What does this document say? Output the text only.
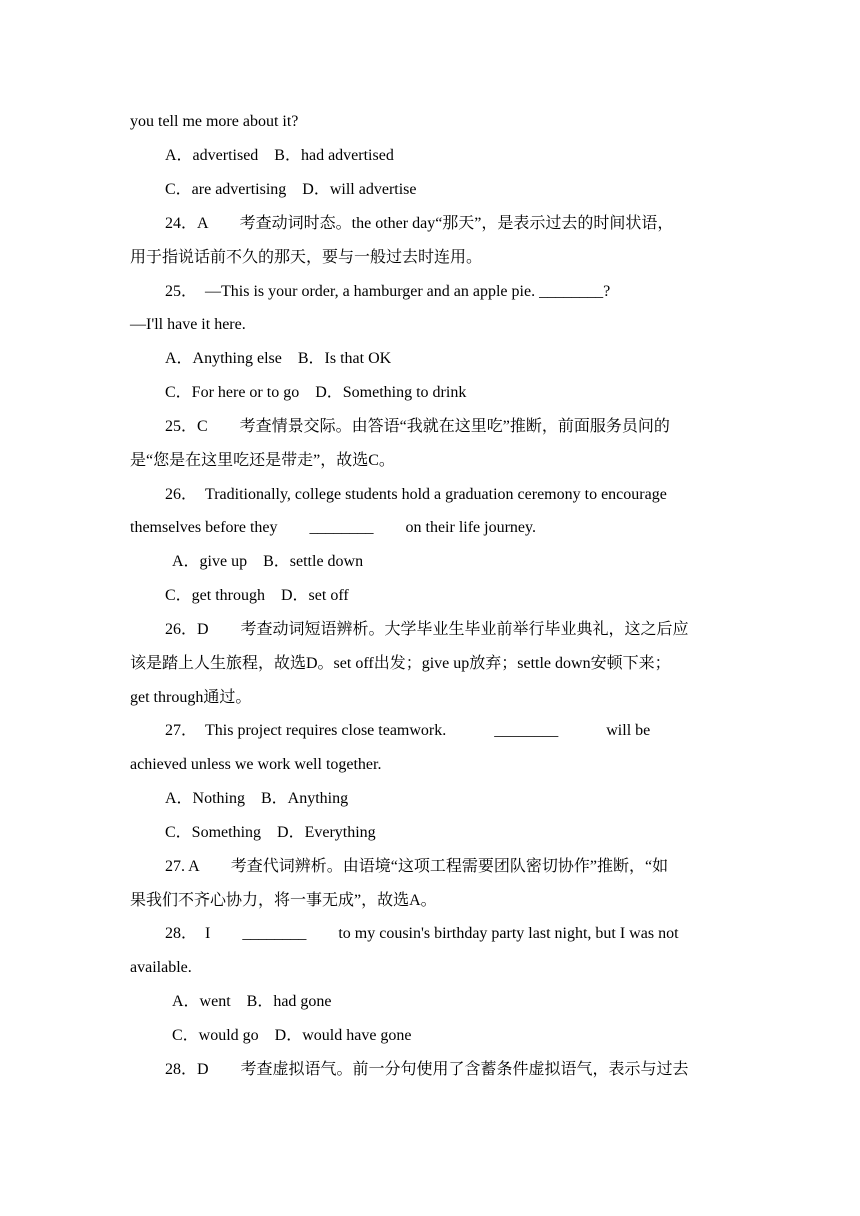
you tell me more about it?
A．advertised　B．had advertised
C．are advertising　D．will advertise
24．A　　考查动词时态。the other day“那天”，是表示过去的时间状语，
用于指说话前不久的那天，要与一般过去时连用。
25．　—This is your order, a hamburger and an apple pie. ________?
—I'll have it here.
A．Anything else　B．Is that OK
C．For here or to go　D．Something to drink
25．C　　考查情景交际。由答语“我就在这里吃”推断，前面服务员问的
是“您是在这里吃还是带走”，故选C。
26．　Traditionally, college students hold a graduation ceremony to encourage
themselves before they　　________　　on their life journey.
A．give up　B．settle down
C．get through　D．set off
26．D　　考查动词短语辨析。大学毕业生毕业前举行毕业典礼，这之后应
该是踏上人生旅程，故选D。set off出发；give up放弃；settle down安顿下来；
get through通过。
27．　This project requires close teamwork.　　　________　　　will be
achieved unless we work well together.
A．Nothing　B．Anything
C．Something　D．Everything
27. A　　考查代词辨析。由语境“这项工程需要团队密切协作”推断，“如
果我们不齐心协力，将一事无成”，故选A。
28．　I　　________　　to my cousin's birthday party last night, but I was not
available.
A．went　B．had gone
C．would go　D．would have gone
28．D　　考查虚拟语气。前一分句使用了含蓄条件虚拟语气，表示与过去
